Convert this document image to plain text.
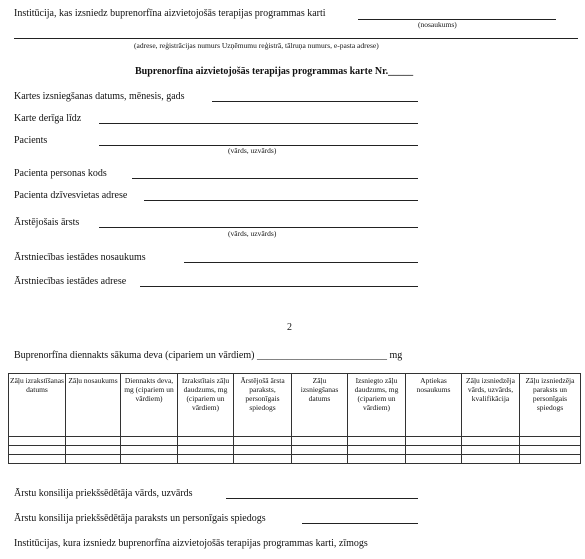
Institūcija, kas izsniedz buprenorfīna aizvietojošās terapijas programmas karti
(nosaukums)
(adrese, reģistrācijas numurs Uzņēmumu reģistrā, tālruņa numurs, e-pasta adrese)
Buprenorfīna aizvietojošās terapijas programmas karte Nr._____
Kartes izsniegšanas datums, mēnesis, gads
Karte derīga līdz
Pacients
(vārds, uzvārds)
Pacienta personas kods
Pacienta dzīvesvietas adrese
Ārstējošais ārsts
(vārds, uzvārds)
Ārstniecības iestādes nosaukums
Ārstniecības iestādes adrese
2
Buprenorfīna diennakts sākuma deva (cipariem un vārdiem) __________________________ mg
Zāļu izrakstīšanas datums	Zāļu nosaukums	Diennakts deva, mg (cipariem un vārdiem)	Izrakstītais zāļu daudzums, mg (cipariem un vārdiem)	Ārstējošā ārsta paraksts, personīgais spiedogs	Zāļu izsniegšanas datums	Izsniegto zāļu daudzums, mg (cipariem un vārdiem)	Aptiekas nosaukums	Zāļu izsniedzēja vārds, uzvārds, kvalifikācija	Zāļu izsniedzēja paraksts un personīgais spiedogs

Ārstu konsilija priekšsēdētāja vārds, uzvārds
Ārstu konsilija priekšsēdētāja paraksts un personīgais spiedogs
Institūcijas, kura izsniedz buprenorfīna aizvietojošās terapijas programmas karti, zīmogs
